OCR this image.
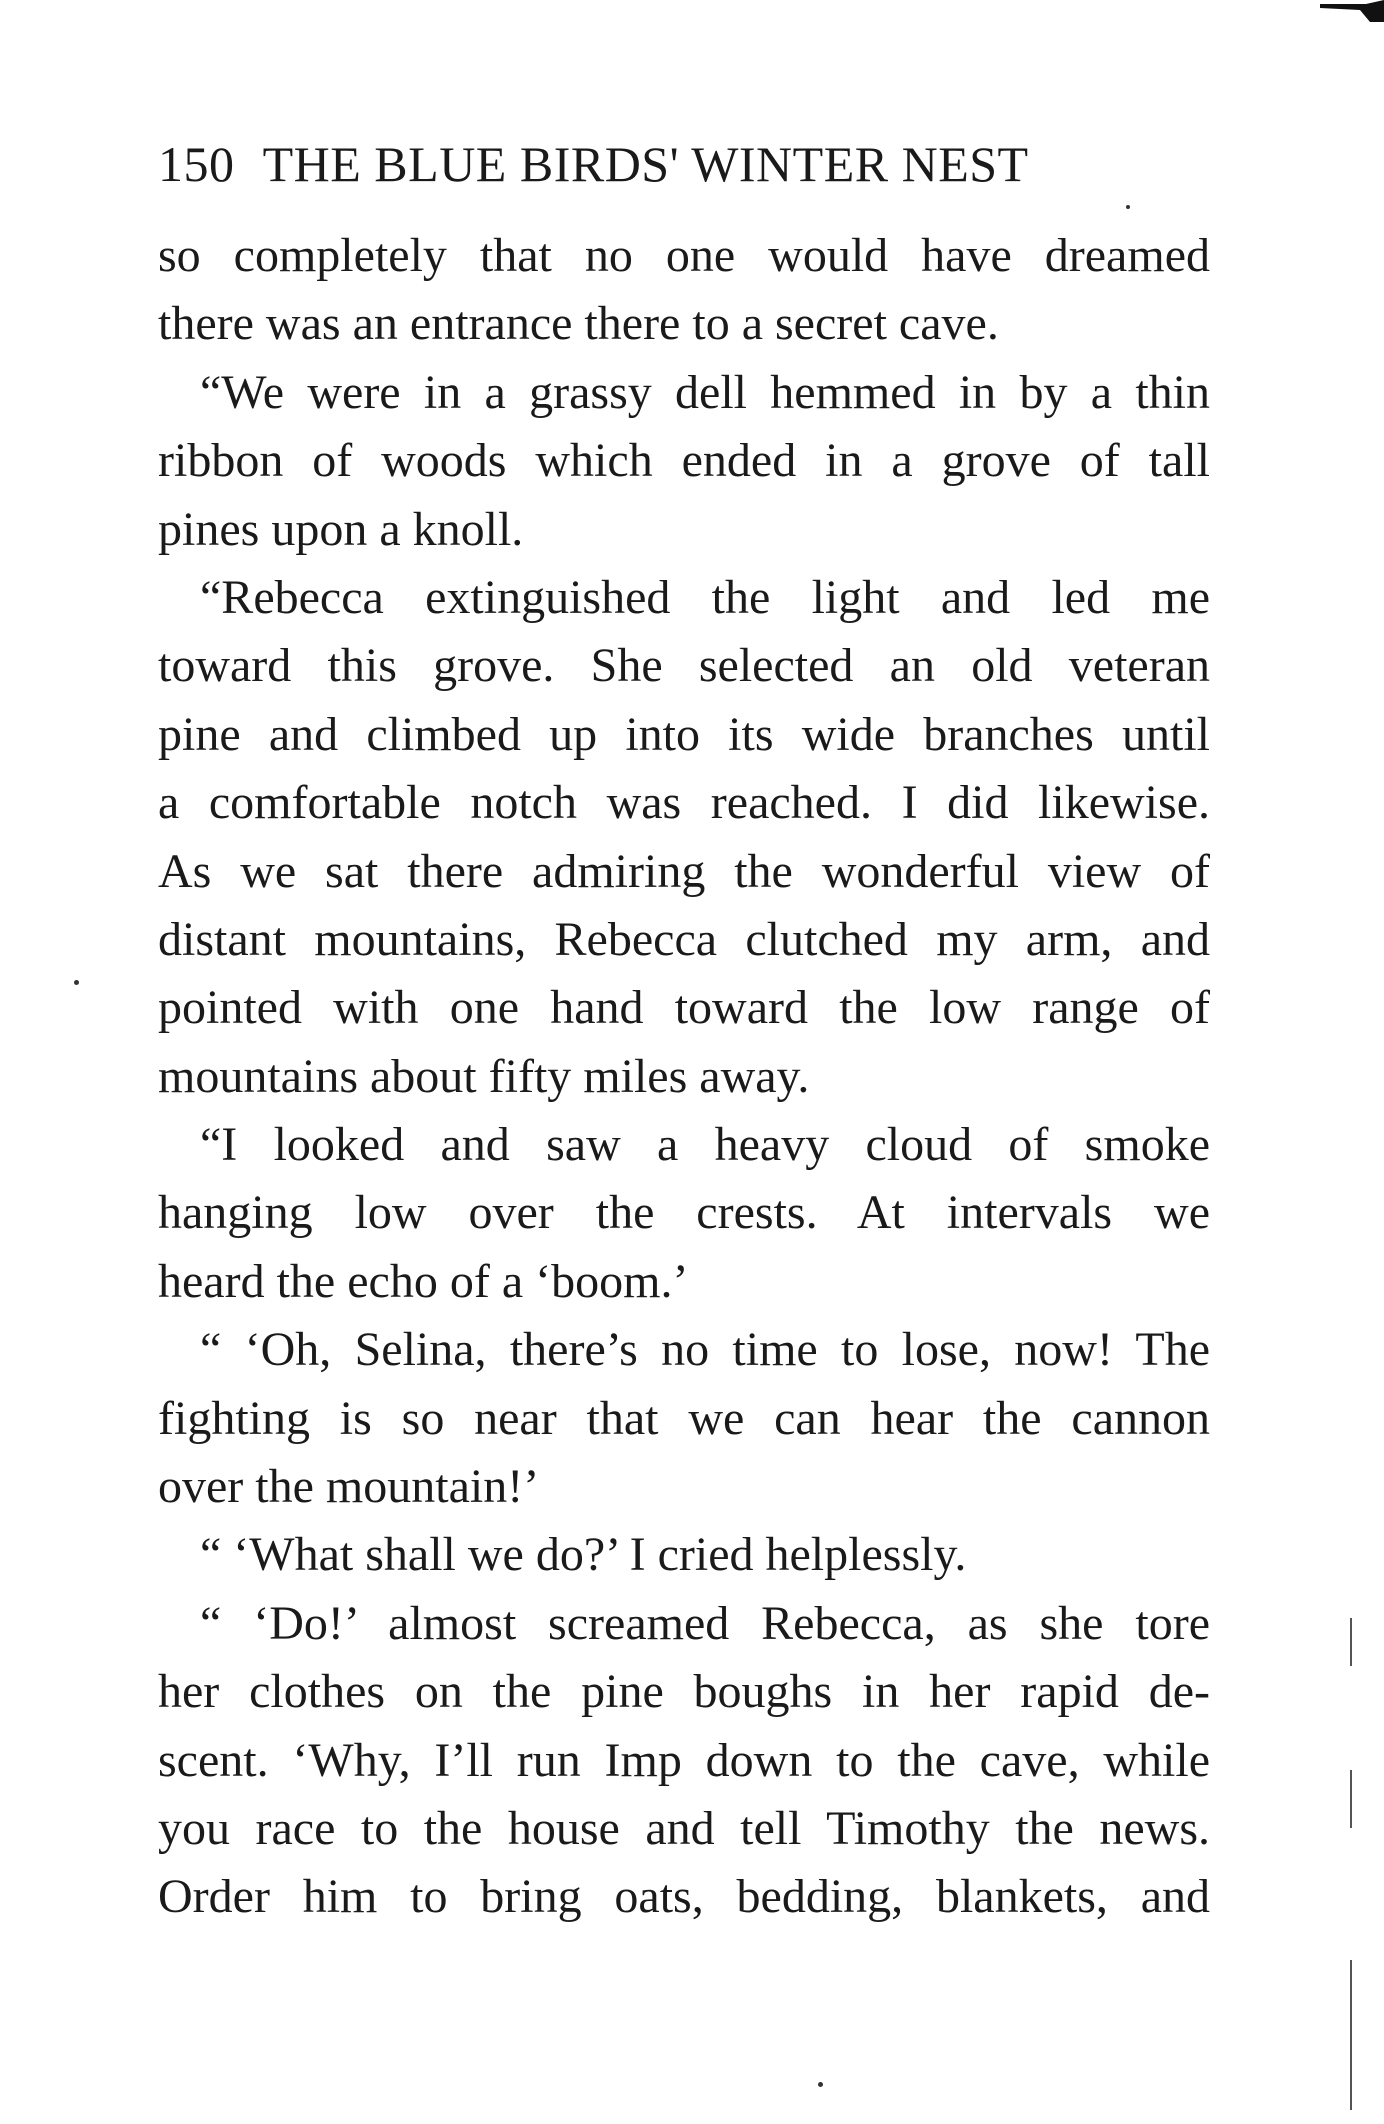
150 THE BLUE BIRDS' WINTER NEST
so completely that no one would have dreamed
there was an entrance there to a secret cave.
“We were in a grassy dell hemmed in by a thin
ribbon of woods which ended in a grove of tall
pines upon a knoll.
“Rebecca extinguished the light and led me
toward this grove. She selected an old veteran
pine and climbed up into its wide branches until
a comfortable notch was reached. I did likewise.
As we sat there admiring the wonderful view of
distant mountains, Rebecca clutched my arm, and
pointed with one hand toward the low range of
mountains about fifty miles away.
“I looked and saw a heavy cloud of smoke
hanging low over the crests. At intervals we
heard the echo of a ‘boom.’
“ ‘Oh, Selina, there’s no time to lose, now! The
fighting is so near that we can hear the cannon
over the mountain!’
“ ‘What shall we do?’ I cried helplessly.
“ ‘Do!’ almost screamed Rebecca, as she tore
her clothes on the pine boughs in her rapid de-
scent. ‘Why, I’ll run Imp down to the cave, while
you race to the house and tell Timothy the news.
Order him to bring oats, bedding, blankets, and
